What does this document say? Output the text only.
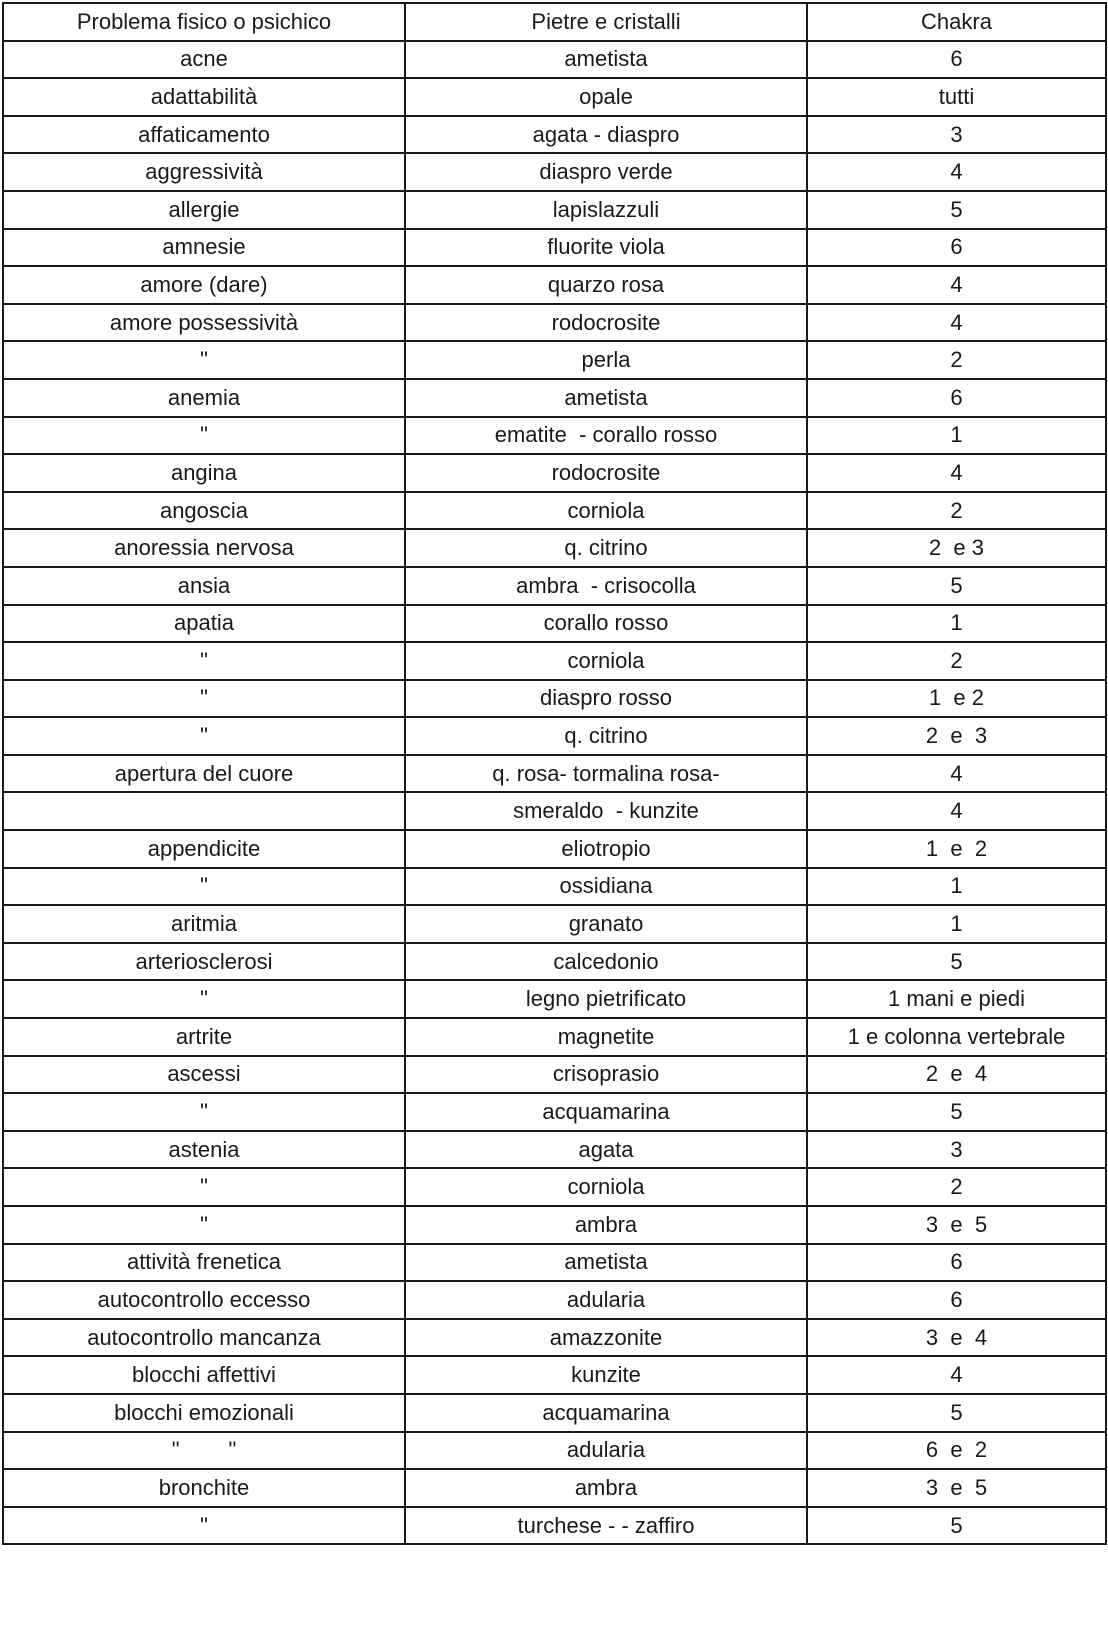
Problema fisico o psichico	Pietre e cristalli	Chakra
acne	ametista	6
adattabilità	opale	tutti
affaticamento	agata - diaspro	3
aggressività	diaspro verde	4
allergie	lapislazzuli	5
amnesie	fluorite viola	6
amore (dare)	quarzo rosa	4
amore possessività	rodocrosite	4
"	perla	2
anemia	ametista	6
"	ematite  - corallo rosso	1
angina	rodocrosite	4
angoscia	corniola	2
anoressia nervosa	q. citrino	2  e 3
ansia	ambra  - crisocolla	5
apatia	corallo rosso	1
"	corniola	2
"	diaspro rosso	1  e 2
"	q. citrino	2  e  3
apertura del cuore	q. rosa- tormalina rosa-	4
	smeraldo  - kunzite	4
appendicite	eliotropio	1  e  2
"	ossidiana	1
aritmia	granato	1
arteriosclerosi	calcedonio	5
"	legno pietrificato	1 mani e piedi
artrite	magnetite	1 e colonna vertebrale
ascessi	crisoprasio	2  e  4
"	acquamarina	5
astenia	agata	3
"	corniola	2
"	ambra	3  e  5
attività frenetica	ametista	6
autocontrollo eccesso	adularia	6
autocontrollo mancanza	amazzonite	3  e  4
blocchi affettivi	kunzite	4
blocchi emozionali	acquamarina	5
"        "	adularia	6  e  2
bronchite	ambra	3  e  5
"	turchese - - zaffiro	5
